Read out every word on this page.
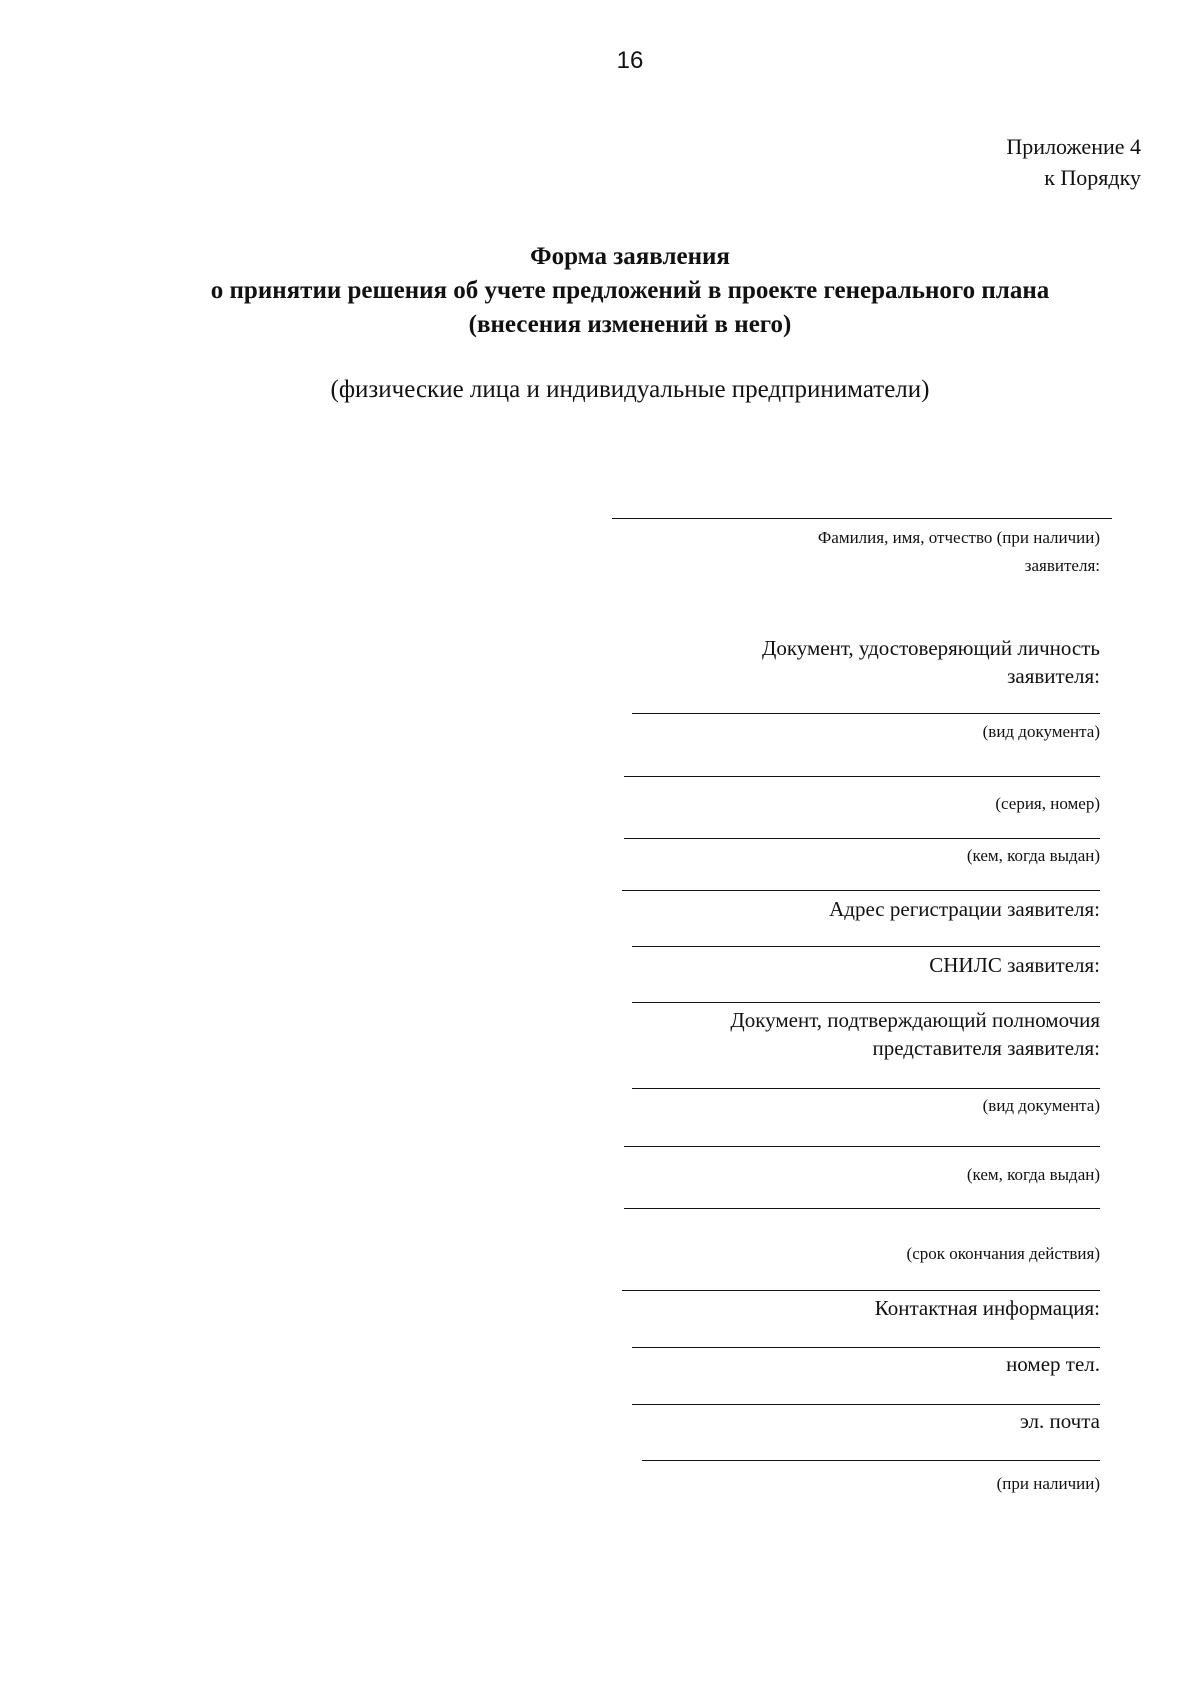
16
Приложение 4
к Порядку
Форма заявления
о принятии решения об учете предложений в проекте генерального плана
(внесения изменений в него)
(физические лица и индивидуальные предприниматели)
Фамилия, имя, отчество (при наличии)
заявителя:
Документ, удостоверяющий личность
заявителя:
(вид документа)
(серия, номер)
(кем, когда выдан)
Адрес регистрации заявителя:
СНИЛС заявителя:
Документ, подтверждающий полномочия
представителя заявителя:
(вид документа)
(кем, когда выдан)
(срок окончания действия)
Контактная информация:
номер тел.
эл. почта
(при наличии)
